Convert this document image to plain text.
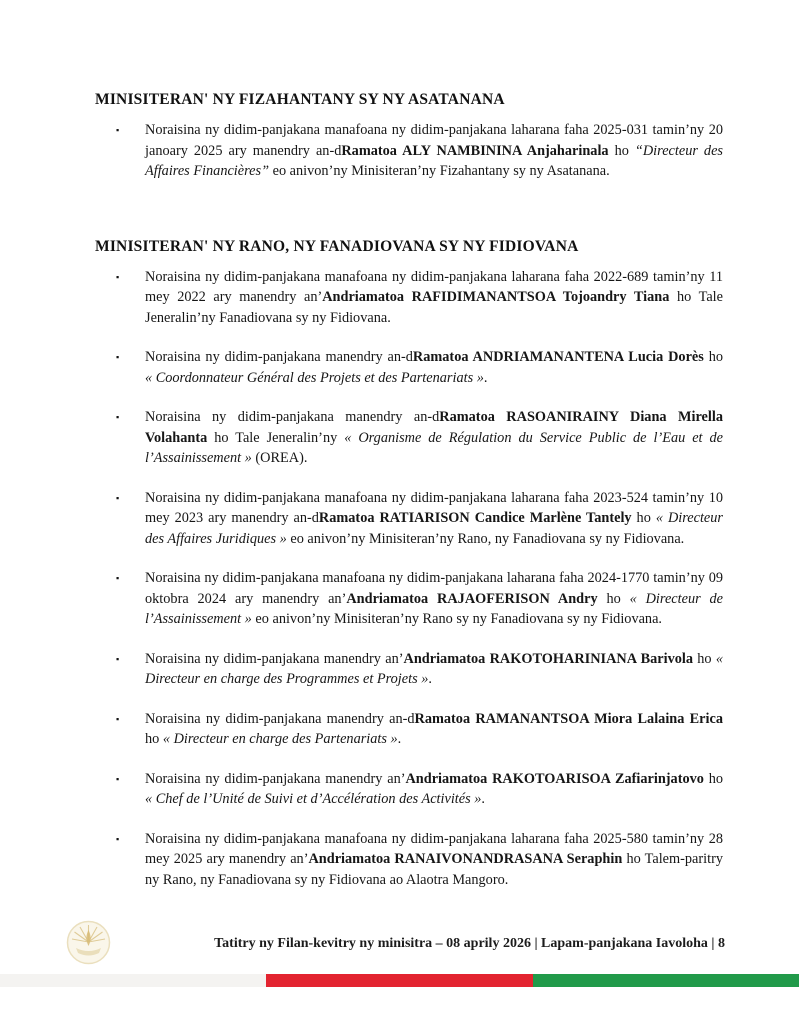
MINISITERAN' NY FIZAHANTANY SY NY ASATANANA
▪	Noraisina ny didim-panjakana manafoana ny didim-panjakana laharana faha 2025-031 tamin’ny 20 janoary 2025 ary manendry an-dRamatoa ALY NAMBININA Anjaharinala ho “Directeur des Affaires Financières” eo anivon’ny Minisiteran’ny Fizahantany sy ny Asatanana.
MINISITERAN' NY RANO, NY FANADIOVANA SY NY FIDIOVANA
▪	Noraisina ny didim-panjakana manafoana ny didim-panjakana laharana faha 2022-689 tamin’ny 11 mey 2022 ary manendry an’Andriamatoa RAFIDIMANANTSOA Tojoandry Tiana ho Tale Jeneralin’ny Fanadiovana sy ny Fidiovana.
▪	Noraisina ny didim-panjakana manendry an-dRamatoa ANDRIAMANANTENA Lucia Dorès ho « Coordonnateur Général des Projets et des Partenariats ».
▪	Noraisina ny didim-panjakana manendry an-dRamatoa RASOANIRAINY Diana Mirella Volahanta ho Tale Jeneralin’ny « Organisme de Régulation du Service Public de l’Eau et de l’Assainissement » (OREA).
▪	Noraisina ny didim-panjakana manafoana ny didim-panjakana laharana faha 2023-524 tamin’ny 10 mey 2023 ary manendry an-dRamatoa RATIARISON Candice Marlène Tantely ho « Directeur des Affaires Juridiques » eo anivon’ny Minisiteran’ny Rano, ny Fanadiovana sy ny Fidiovana.
▪	Noraisina ny didim-panjakana manafoana ny didim-panjakana laharana faha 2024-1770 tamin’ny 09 oktobra 2024 ary manendry an’Andriamatoa RAJAOFERISON Andry ho « Directeur de l’Assainissement » eo anivon’ny Minisiteran’ny Rano sy ny Fanadiovana sy ny Fidiovana.
▪	Noraisina ny didim-panjakana manendry an’Andriamatoa RAKOTOHARINIANA Barivola ho « Directeur en charge des Programmes et Projets ».
▪	Noraisina ny didim-panjakana manendry an-dRamatoa RAMANANTSOA Miora Lalaina Erica ho « Directeur en charge des Partenariats ».
▪	Noraisina ny didim-panjakana manendry an’Andriamatoa RAKOTOARISOA Zafiarinjatovo ho « Chef de l’Unité de Suivi et d’Accélération des Activités ».
▪	Noraisina ny didim-panjakana manafoana ny didim-panjakana laharana faha 2025-580 tamin’ny 28 mey 2025 ary manendry an’Andriamatoa RANAIVONANDRASANA Seraphin ho Talem-paritry ny Rano, ny Fanadiovana sy ny Fidiovana ao Alaotra Mangoro.
Tatitry ny Filan-kevitry ny minisitra – 08 aprily 2026 | Lapam-panjakana Iavoloha | 8
